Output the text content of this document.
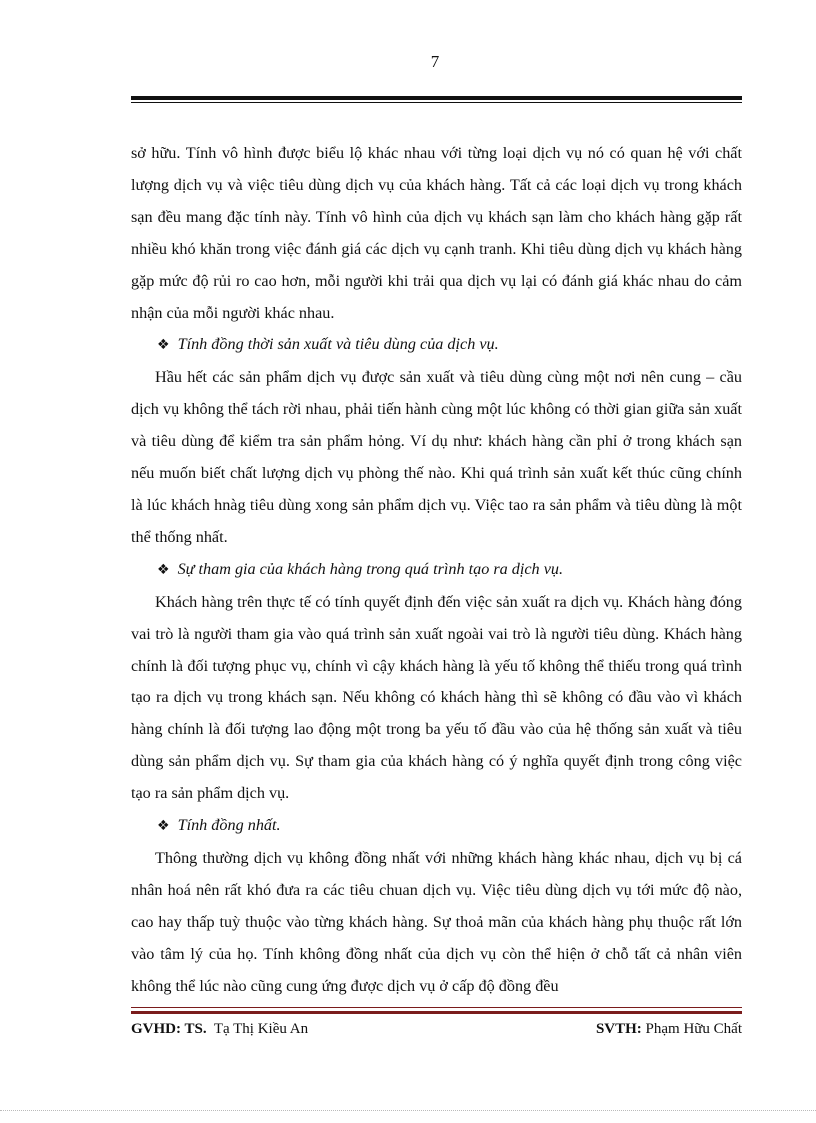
7

sở hữu. Tính vô hình được biểu lộ khác nhau với từng loại dịch vụ nó có quan hệ với chất lượng dịch vụ và việc tiêu dùng dịch vụ của khách hàng. Tất cả các loại dịch vụ trong khách sạn đều mang đặc tính này. Tính vô hình của dịch vụ khách sạn làm cho khách hàng gặp rất nhiều khó khăn trong việc đánh giá các dịch vụ cạnh tranh. Khi tiêu dùng dịch vụ khách hàng gặp mức độ rủi ro cao hơn, mỗi người khi trải qua dịch vụ lại có đánh giá khác nhau do cảm nhận của mỗi người khác nhau.

❖ Tính đồng thời sản xuất và tiêu dùng của dịch vụ.

Hầu hết các sản phẩm dịch vụ được sản xuất và tiêu dùng cùng một nơi nên cung – cầu dịch vụ không thể tách rời nhau, phải tiến hành cùng một lúc không có thời gian giữa sản xuất và tiêu dùng để kiểm tra sản phẩm hỏng. Ví dụ như: khách hàng cần phỉ ở trong khách sạn nếu muốn biết chất lượng dịch vụ phòng thế nào. Khi quá trình sản xuất kết thúc cũng chính là lúc khách hnàg tiêu dùng xong sản phẩm dịch vụ. Việc tao ra sản phẩm và tiêu dùng là một thể thống nhất.

❖ Sự tham gia của khách hàng trong quá trình tạo ra dịch vụ.

Khách hàng trên thực tế có tính quyết định đến việc sản xuất ra dịch vụ. Khách hàng đóng vai trò là người tham gia vào quá trình sản xuất ngoài vai trò là người tiêu dùng. Khách hàng chính là đối tượng phục vụ, chính vì cậy khách hàng là yếu tố không thể thiếu trong quá trình tạo ra dịch vụ trong khách sạn. Nếu không có khách hàng thì sẽ không có đầu vào vì khách hàng chính là đối tượng lao động một trong ba yếu tố đầu vào của hệ thống sản xuất và tiêu dùng sản phẩm dịch vụ. Sự tham gia của khách hàng có ý nghĩa quyết định trong công việc tạo ra sản phẩm dịch vụ.

❖ Tính đồng nhất.

Thông thường dịch vụ không đồng nhất với những khách hàng khác nhau, dịch vụ bị cá nhân hoá nên rất khó đưa ra các tiêu chuan dịch vụ. Việc tiêu dùng dịch vụ tới mức độ nào, cao hay thấp tuỳ thuộc vào từng khách hàng. Sự thoả mãn của khách hàng phụ thuộc rất lớn vào tâm lý của họ. Tính không đồng nhất của dịch vụ còn thể hiện ở chỗ tất cả nhân viên không thể lúc nào cũng cung ứng được dịch vụ ở cấp độ đồng đều

GVHD: TS. Tạ Thị Kiều An	SVTH: Phạm Hữu Chất
